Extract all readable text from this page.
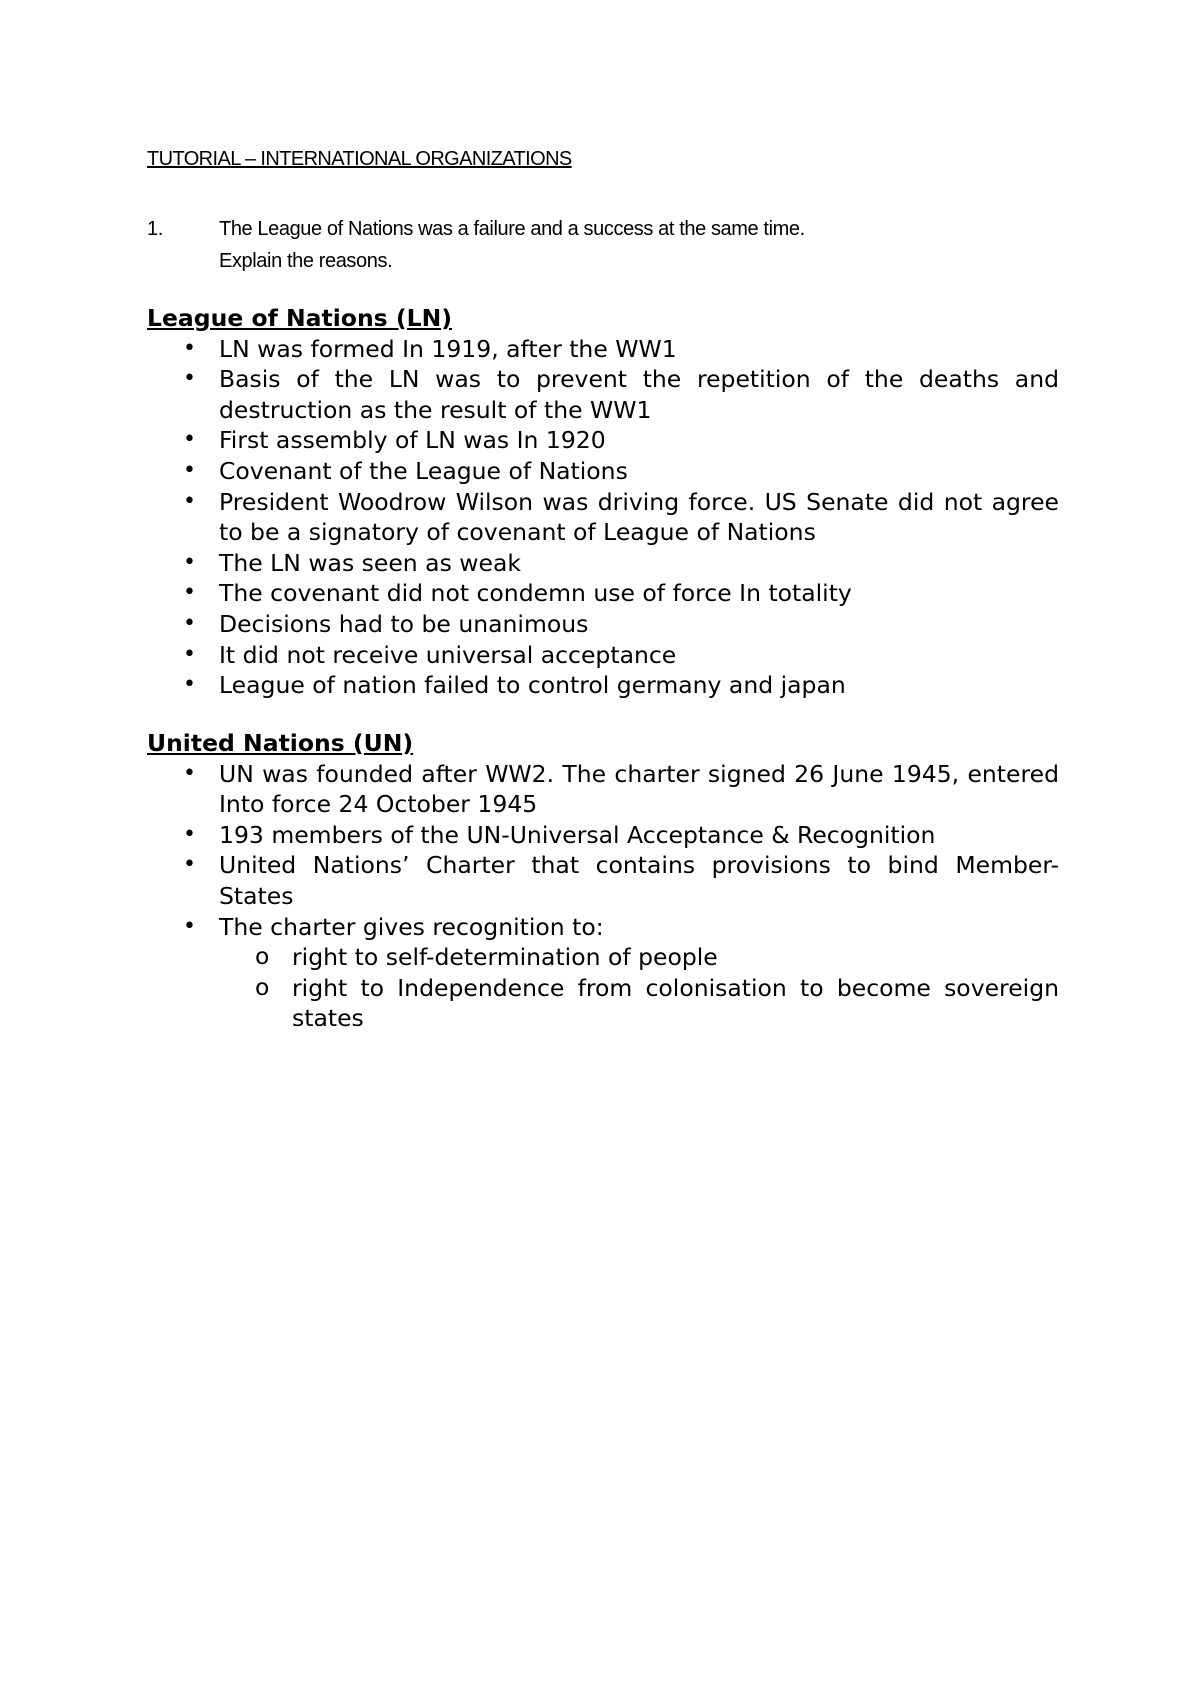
TUTORIAL – INTERNATIONAL ORGANIZATIONS
1.	The League of Nations was a failure and a success at the same time.
Explain the reasons.
League of Nations (LN)
• LN was formed In 1919, after the WW1
• Basis of the LN was to prevent the repetition of the deaths and destruction as the result of the WW1
• First assembly of LN was In 1920
• Covenant of the League of Nations
• President Woodrow Wilson was driving force. US Senate did not agree to be a signatory of covenant of League of Nations
• The LN was seen as weak
• The covenant did not condemn use of force In totality
• Decisions had to be unanimous
• It did not receive universal acceptance
• League of nation failed to control germany and japan
United Nations (UN)
• UN was founded after WW2. The charter signed 26 June 1945, entered Into force 24 October 1945
• 193 members of the UN-Universal Acceptance & Recognition
• United Nations’ Charter that contains provisions to bind Member-States
• The charter gives recognition to:
o right to self-determination of people
o right to Independence from colonisation to become sovereign states
